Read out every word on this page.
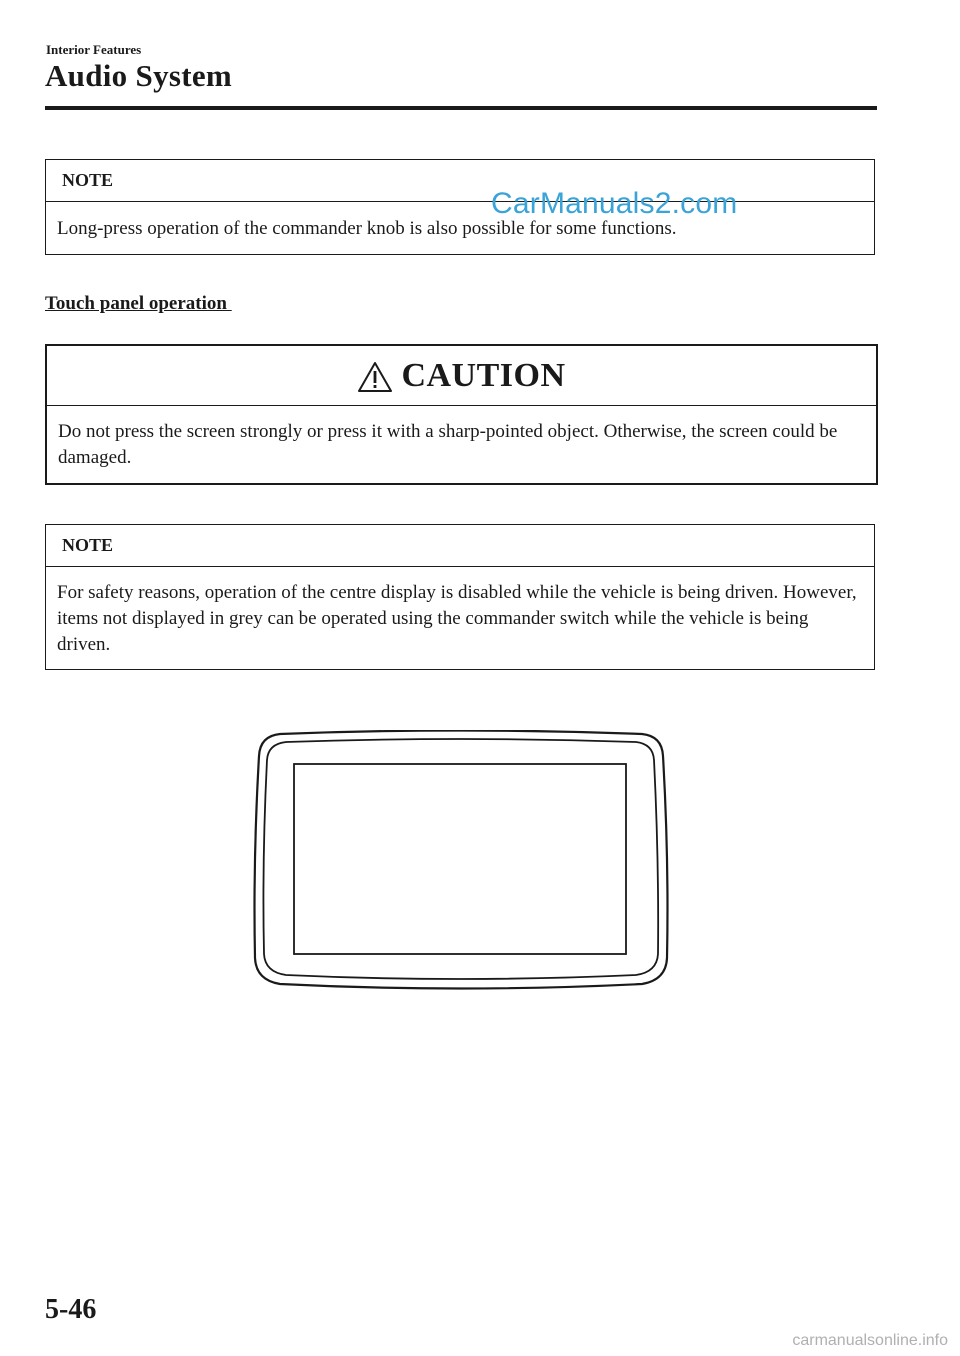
Interior Features
Audio System
NOTE
Long-press operation of the commander knob is also possible for some functions.
CarManuals2.com
Touch panel operation
CAUTION
Do not press the screen strongly or press it with a sharp-pointed object. Otherwise, the screen could be damaged.
NOTE
For safety reasons, operation of the centre display is disabled while the vehicle is being driven. However, items not displayed in grey can be operated using the commander switch while the vehicle is being driven.
5-46
carmanualsonline.info
